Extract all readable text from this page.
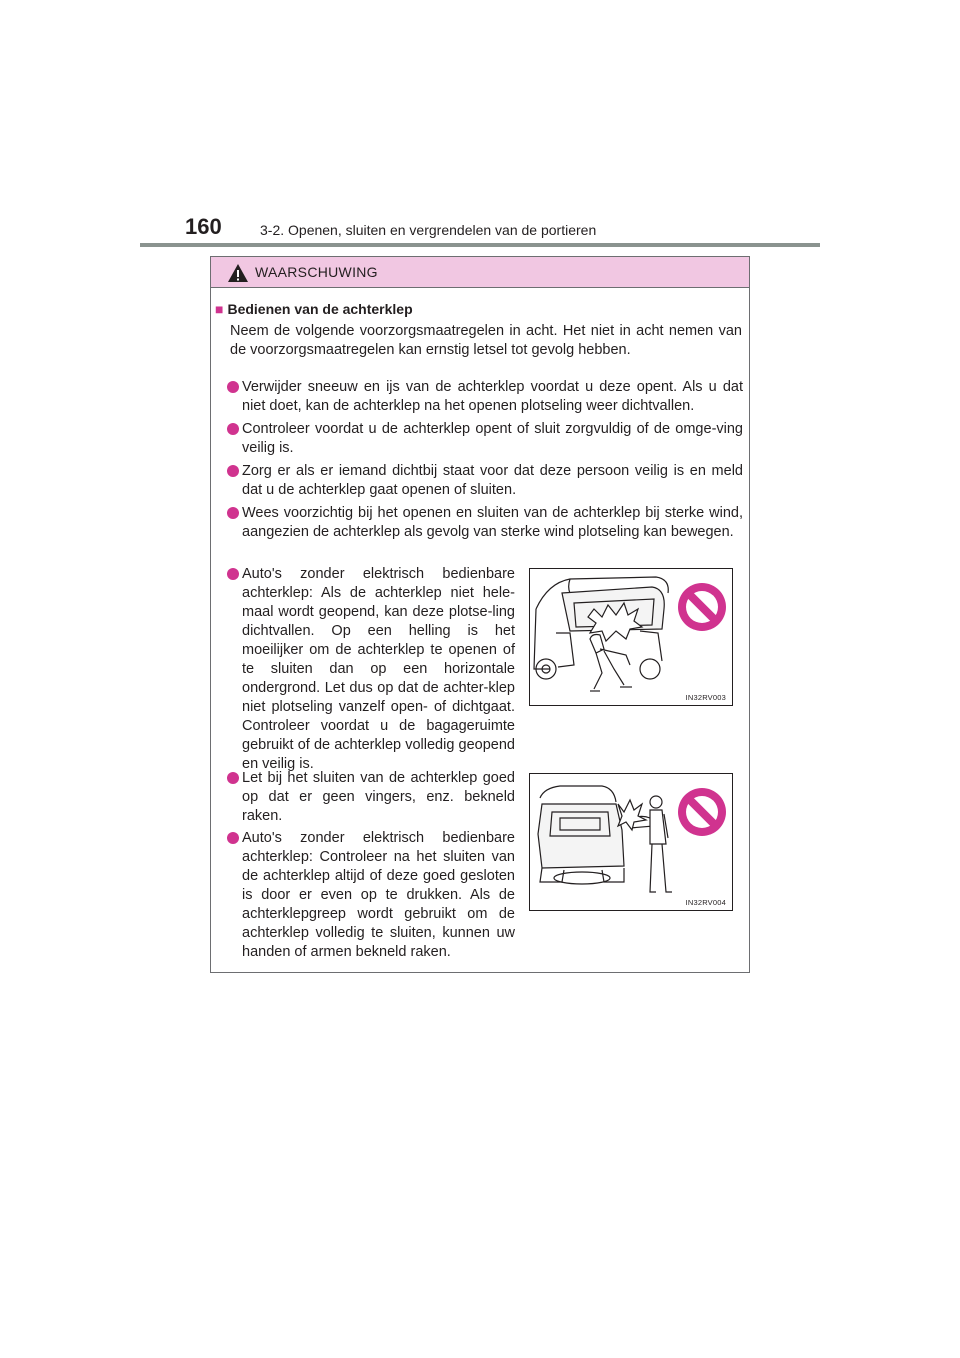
160	3-2. Openen, sluiten en vergrendelen van de portieren
WAARSCHUWING
■ Bedienen van de achterklep
Neem de volgende voorzorgsmaatregelen in acht. Het niet in acht nemen van de voorzorgsmaatregelen kan ernstig letsel tot gevolg hebben.
Verwijder sneeuw en ijs van de achterklep voordat u deze opent. Als u dat niet doet, kan de achterklep na het openen plotseling weer dichtvallen.
Controleer voordat u de achterklep opent of sluit zorgvuldig of de omge-ving veilig is.
Zorg er als er iemand dichtbij staat voor dat deze persoon veilig is en meld dat u de achterklep gaat openen of sluiten.
Wees voorzichtig bij het openen en sluiten van de achterklep bij sterke wind, aangezien de achterklep als gevolg van sterke wind plotseling kan bewegen.
Auto's zonder elektrisch bedienbare achterklep: Als de achterklep niet hele-maal wordt geopend, kan deze plotse-ling dichtvallen. Op een helling is het moeilijker om de achterklep te openen of te sluiten dan op een horizontale ondergrond. Let dus op dat de achter-klep niet plotseling vanzelf open- of dichtgaat. Controleer voordat u de bagageruimte gebruikt of de achterklep volledig geopend en veilig is.
Let bij het sluiten van de achterklep goed op dat er geen vingers, enz. bekneld raken.
Auto's zonder elektrisch bedienbare achterklep: Controleer na het sluiten van de achterklep altijd of deze goed gesloten is door er even op te drukken. Als de achterklepgreep wordt gebruikt om de achterklep volledig te sluiten, kunnen uw handen of armen bekneld raken.
IN32RV003
IN32RV004
